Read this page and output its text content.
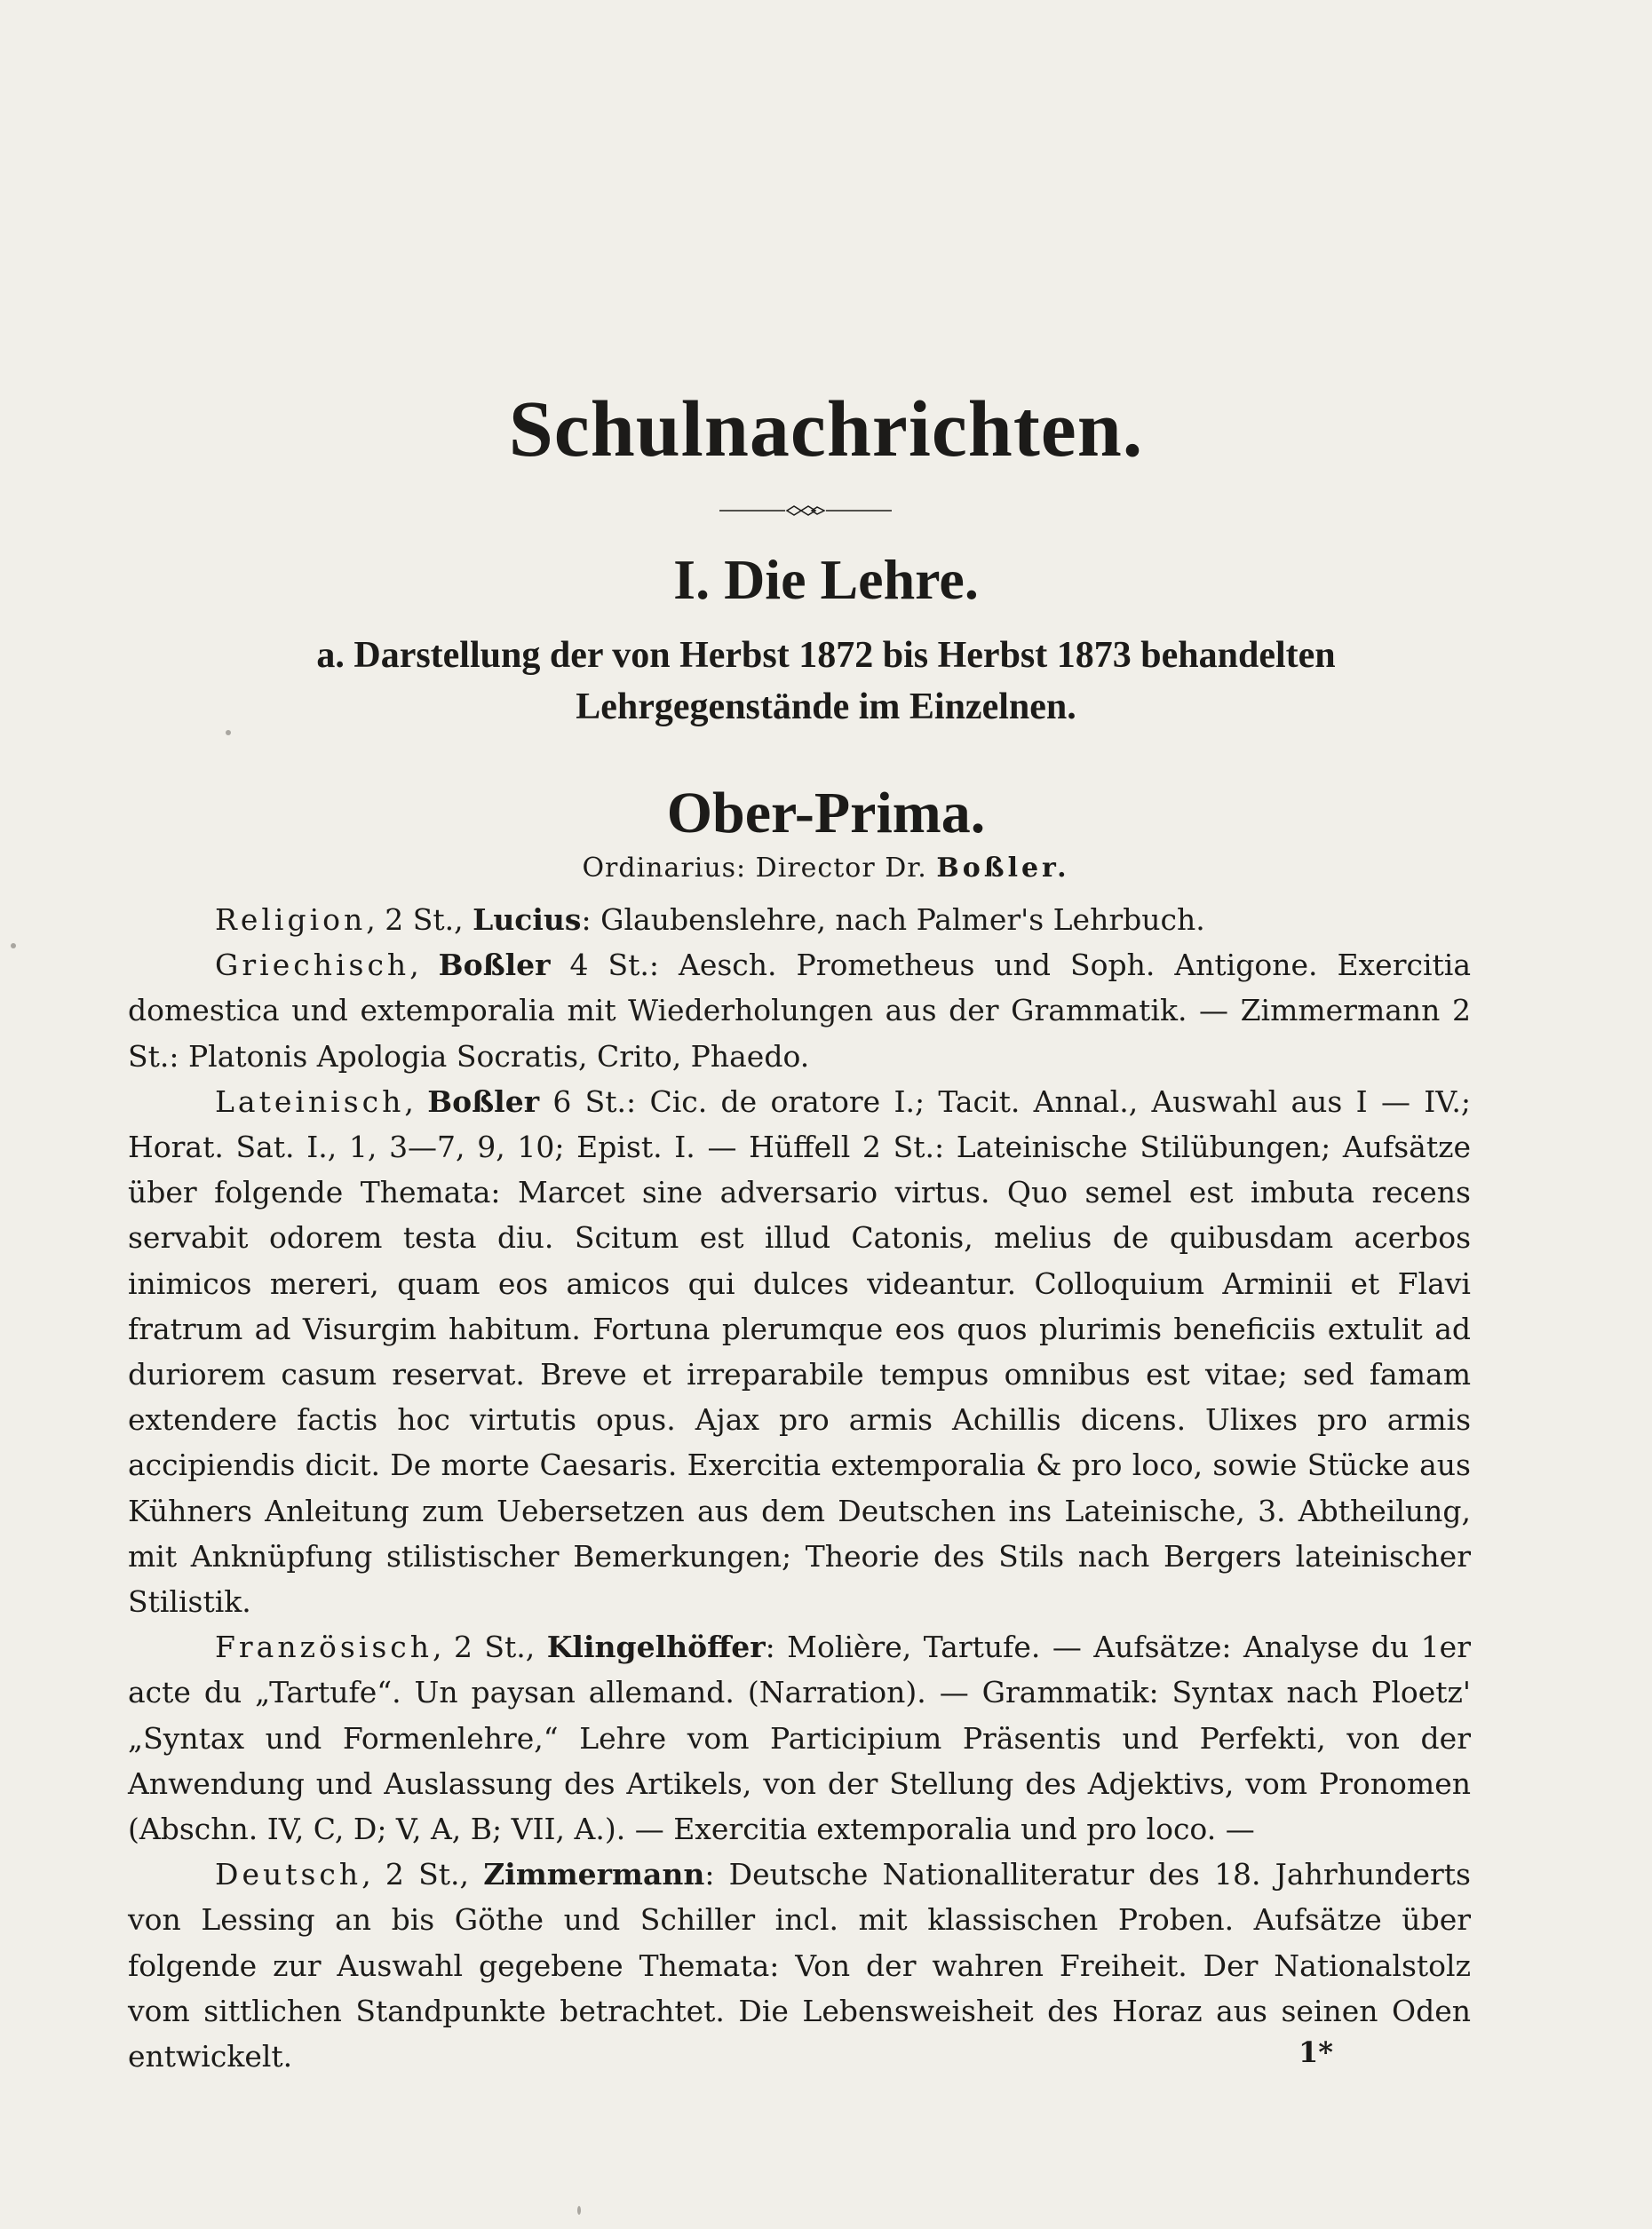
Schulnachrichten.
I. Die Lehre.
a. Darstellung der von Herbst 1872 bis Herbst 1873 behandelten
Lehrgegenstände im Einzelnen.
Ober-Prima.
Ordinarius: Director Dr. Boßler.

Religion, 2 St., Lucius: Glaubenslehre, nach Palmer's Lehrbuch.

Griechisch, Boßler 4 St.: Aesch. Prometheus und Soph. Antigone. Exercitia domestica und extemporalia mit Wiederholungen aus der Grammatik. — Zimmermann 2 St.: Platonis Apologia Socratis, Crito, Phaedo.

Lateinisch, Boßler 6 St.: Cic. de oratore I.; Tacit. Annal., Auswahl aus I — IV.; Horat. Sat. I., 1, 3—7, 9, 10; Epist. I. — Hüffell 2 St.: Lateinische Stilübungen; Aufsätze über folgende Themata: Marcet sine adversario virtus. Quo semel est imbuta recens servabit odorem testa diu. Scitum est illud Catonis, melius de quibusdam acerbos inimicos mereri, quam eos amicos qui dulces videantur. Colloquium Arminii et Flavi fratrum ad Visurgim habitum. Fortuna plerumque eos quos plurimis beneficiis extulit ad duriorem casum reservat. Breve et irreparabile tempus omnibus est vitae; sed famam extendere factis hoc virtutis opus. Ajax pro armis Achillis dicens. Ulixes pro armis accipiendis dicit. De morte Caesaris. Exercitia extemporalia & pro loco, sowie Stücke aus Kühners Anleitung zum Uebersetzen aus dem Deutschen ins Lateinische, 3. Abtheilung, mit Anknüpfung stilistischer Bemerkungen; Theorie des Stils nach Bergers lateinischer Stilistik.

Französisch, 2 St., Klingelhöffer: Molière, Tartufe. — Aufsätze: Analyse du 1er acte du „Tartufe“. Un paysan allemand. (Narration). — Grammatik: Syntax nach Ploetz' „Syntax und Formenlehre,“ Lehre vom Participium Präsentis und Perfekti, von der Anwendung und Auslassung des Artikels, von der Stellung des Adjektivs, vom Pronomen (Abschn. IV, C, D; V, A, B; VII, A.). — Exercitia extemporalia und pro loco. —

Deutsch, 2 St., Zimmermann: Deutsche Nationalliteratur des 18. Jahrhunderts von Lessing an bis Göthe und Schiller incl. mit klassischen Proben. Aufsätze über folgende zur Auswahl gegebene Themata: Von der wahren Freiheit. Der Nationalstolz vom sittlichen Standpunkte betrachtet. Die Lebensweisheit des Horaz aus seinen Oden entwickelt.	1*
